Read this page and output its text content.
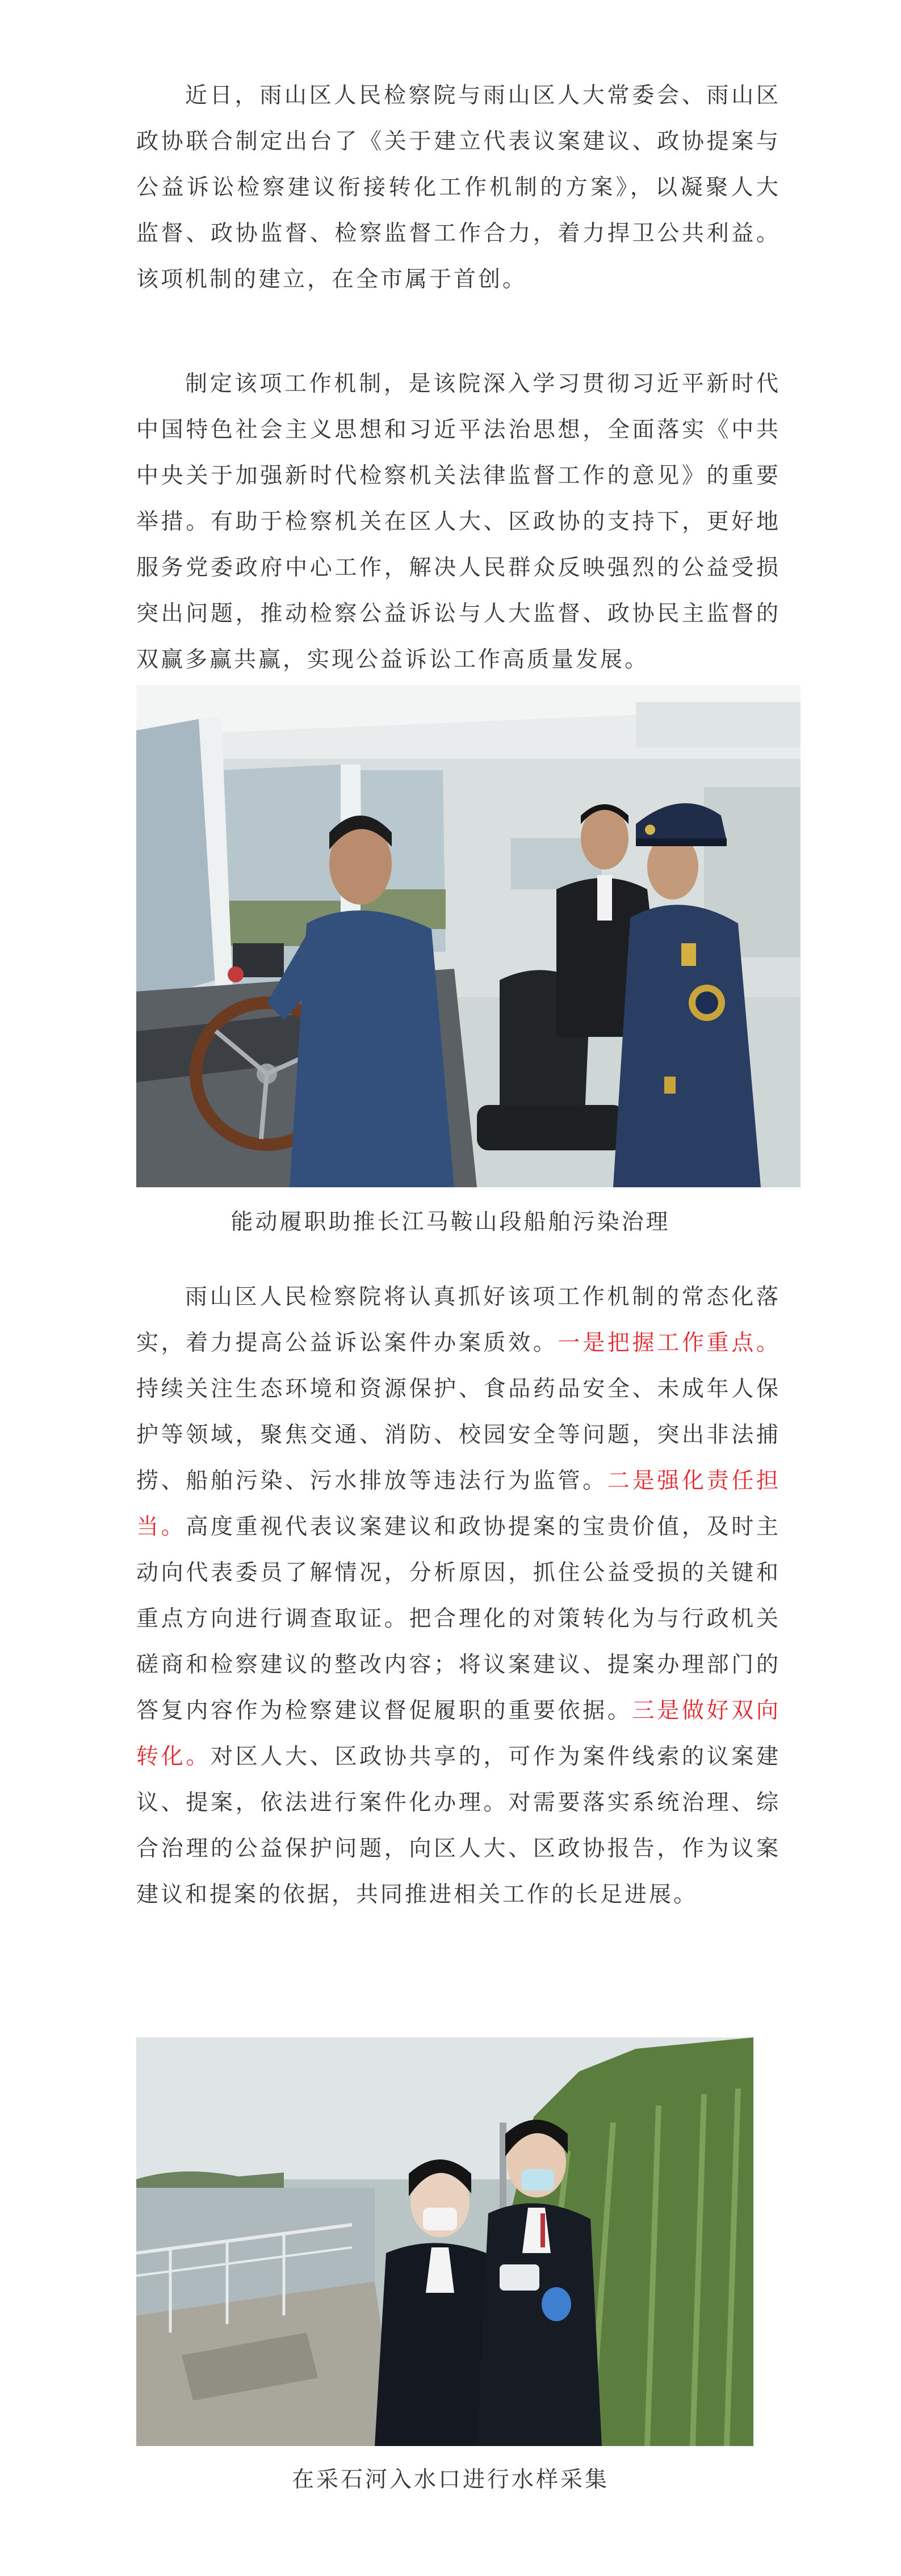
近日，雨山区人民检察院与雨山区人大常委会、雨山区政协联合制定出台了《关于建立代表议案建议、政协提案与公益诉讼检察建议衔接转化工作机制的方案》，以凝聚人大监督、政协监督、检察监督工作合力，着力捍卫公共利益。该项机制的建立，在全市属于首创。

制定该项工作机制，是该院深入学习贯彻习近平新时代中国特色社会主义思想和习近平法治思想，全面落实《中共中央关于加强新时代检察机关法律监督工作的意见》的重要举措。有助于检察机关在区人大、区政协的支持下，更好地服务党委政府中心工作，解决人民群众反映强烈的公益受损突出问题，推动检察公益诉讼与人大监督、政协民主监督的双赢多赢共赢，实现公益诉讼工作高质量发展。

能动履职助推长江马鞍山段船舶污染治理

雨山区人民检察院将认真抓好该项工作机制的常态化落实，着力提高公益诉讼案件办案质效。一是把握工作重点。持续关注生态环境和资源保护、食品药品安全、未成年人保护等领域，聚焦交通、消防、校园安全等问题，突出非法捕捞、船舶污染、污水排放等违法行为监管。二是强化责任担当。高度重视代表议案建议和政协提案的宝贵价值，及时主动向代表委员了解情况，分析原因，抓住公益受损的关键和重点方向进行调查取证。把合理化的对策转化为与行政机关磋商和检察建议的整改内容；将议案建议、提案办理部门的答复内容作为检察建议督促履职的重要依据。三是做好双向转化。对区人大、区政协共享的，可作为案件线索的议案建议、提案，依法进行案件化办理。对需要落实系统治理、综合治理的公益保护问题，向区人大、区政协报告，作为议案建议和提案的依据，共同推进相关工作的长足进展。

在采石河入水口进行水样采集
